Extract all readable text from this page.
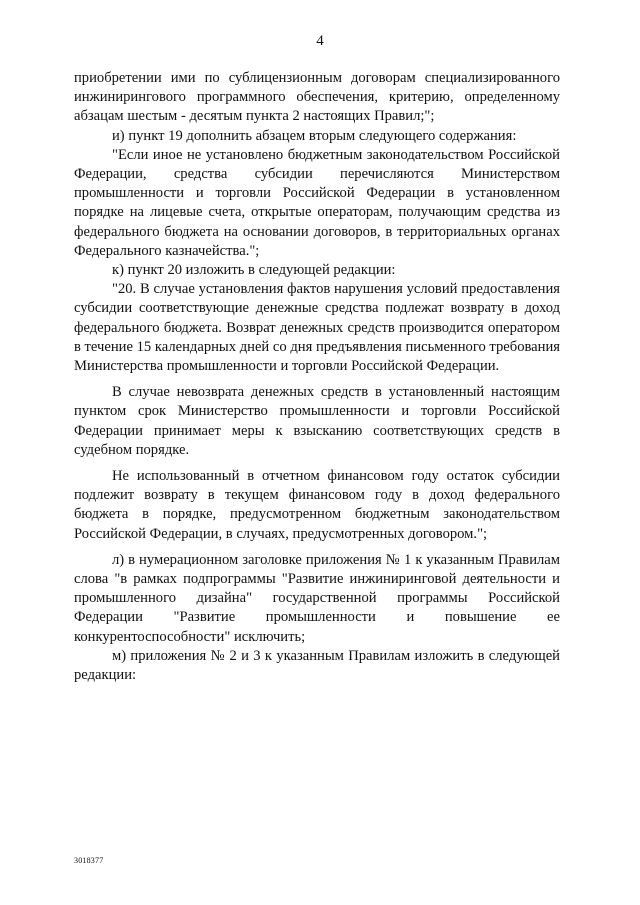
4

приобретении ими по сублицензионным договорам специализированного инжинирингового программного обеспечения, критерию, определенному абзацам шестым - десятым пункта 2 настоящих Правил;";

и) пункт 19 дополнить абзацем вторым следующего содержания:

"Если иное не установлено бюджетным законодательством Российской Федерации, средства субсидии перечисляются Министерством промышленности и торговли Российской Федерации в установленном порядке на лицевые счета, открытые операторам, получающим средства из федерального бюджета на основании договоров, в территориальных органах Федерального казначейства.";

к) пункт 20 изложить в следующей редакции:

"20. В случае установления фактов нарушения условий предоставления субсидии соответствующие денежные средства подлежат возврату в доход федерального бюджета. Возврат денежных средств производится оператором в течение 15 календарных дней со дня предъявления письменного требования Министерства промышленности и торговли Российской Федерации.

В случае невозврата денежных средств в установленный настоящим пунктом срок Министерство промышленности и торговли Российской Федерации принимает меры к взысканию соответствующих средств в судебном порядке.

Не использованный в отчетном финансовом году остаток субсидии подлежит возврату в текущем финансовом году в доход федерального бюджета в порядке, предусмотренном бюджетным законодательством Российской Федерации, в случаях, предусмотренных договором.";

л) в нумерационном заголовке приложения № 1 к указанным Правилам слова "в рамках подпрограммы "Развитие инжиниринговой деятельности и промышленного дизайна" государственной программы Российской Федерации "Развитие промышленности и повышение ее конкурентоспособности" исключить;

м) приложения № 2 и 3 к указанным Правилам изложить в следующей редакции:

3018377
